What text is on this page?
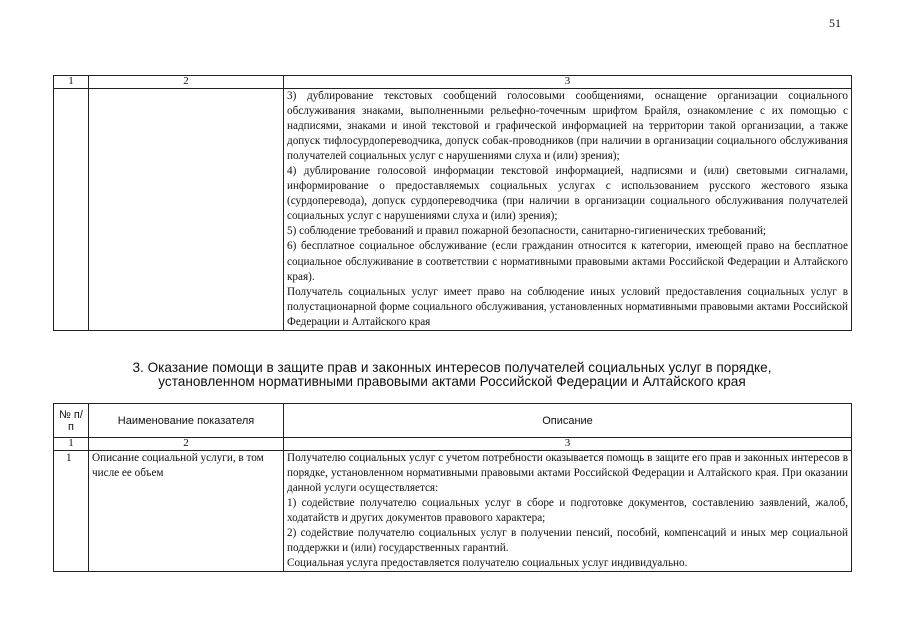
51
1	2	3

		3) дублирование текстовых сообщений голосовыми сообщениями, оснащение организации социального обслуживания знаками, выполненными рельефно-точечным шрифтом Брайля, ознакомление с их помощью с надписями, знаками и иной текстовой и графической информацией на территории такой организации, а также допуск тифлосурдопереводчика, допуск собак-проводников (при наличии в организации социального обслуживания получателей социальных услуг с нарушениями слуха и (или) зрения);
4) дублирование голосовой информации текстовой информацией, надписями и (или) световыми сигналами, информирование о предоставляемых социальных услугах с использованием русского жестового языка (сурдоперевода), допуск сурдопереводчика (при наличии в организации социального обслуживания получателей социальных услуг с нарушениями слуха и (или) зрения);
5) соблюдение требований и правил пожарной безопасности, санитарно-гигиенических требований;
6) бесплатное социальное обслуживание (если гражданин относится к категории, имеющей право на бесплатное социальное обслуживание в соответствии с нормативными правовыми актами Российской Федерации и Алтайского края).
Получатель социальных услуг имеет право на соблюдение иных условий предоставления социальных услуг в полустационарной форме социального обслуживания, установленных нормативными правовыми актами Российской Федерации и Алтайского края
3. Оказание помощи в защите прав и законных интересов получателей социальных услуг в порядке,
установленном нормативными правовыми актами Российской Федерации и Алтайского края
№ п/п	Наименование показателя	Описание
1	2	3
1	Описание социальной услуги, в том числе ее объем	Получателю социальных услуг с учетом потребности оказывается помощь в защите его прав и законных интересов в порядке, установленном нормативными правовыми актами Российской Федерации и Алтайского края. При оказании данной услуги осуществляется:
1) содействие получателю социальных услуг в сборе и подготовке документов, составлению заявлений, жалоб, ходатайств и других документов правового характера;
2) содействие получателю социальных услуг в получении пенсий, пособий, компенсаций и иных мер социальной поддержки и (или) государственных гарантий.
Социальная услуга предоставляется получателю социальных услуг индивидуально.
